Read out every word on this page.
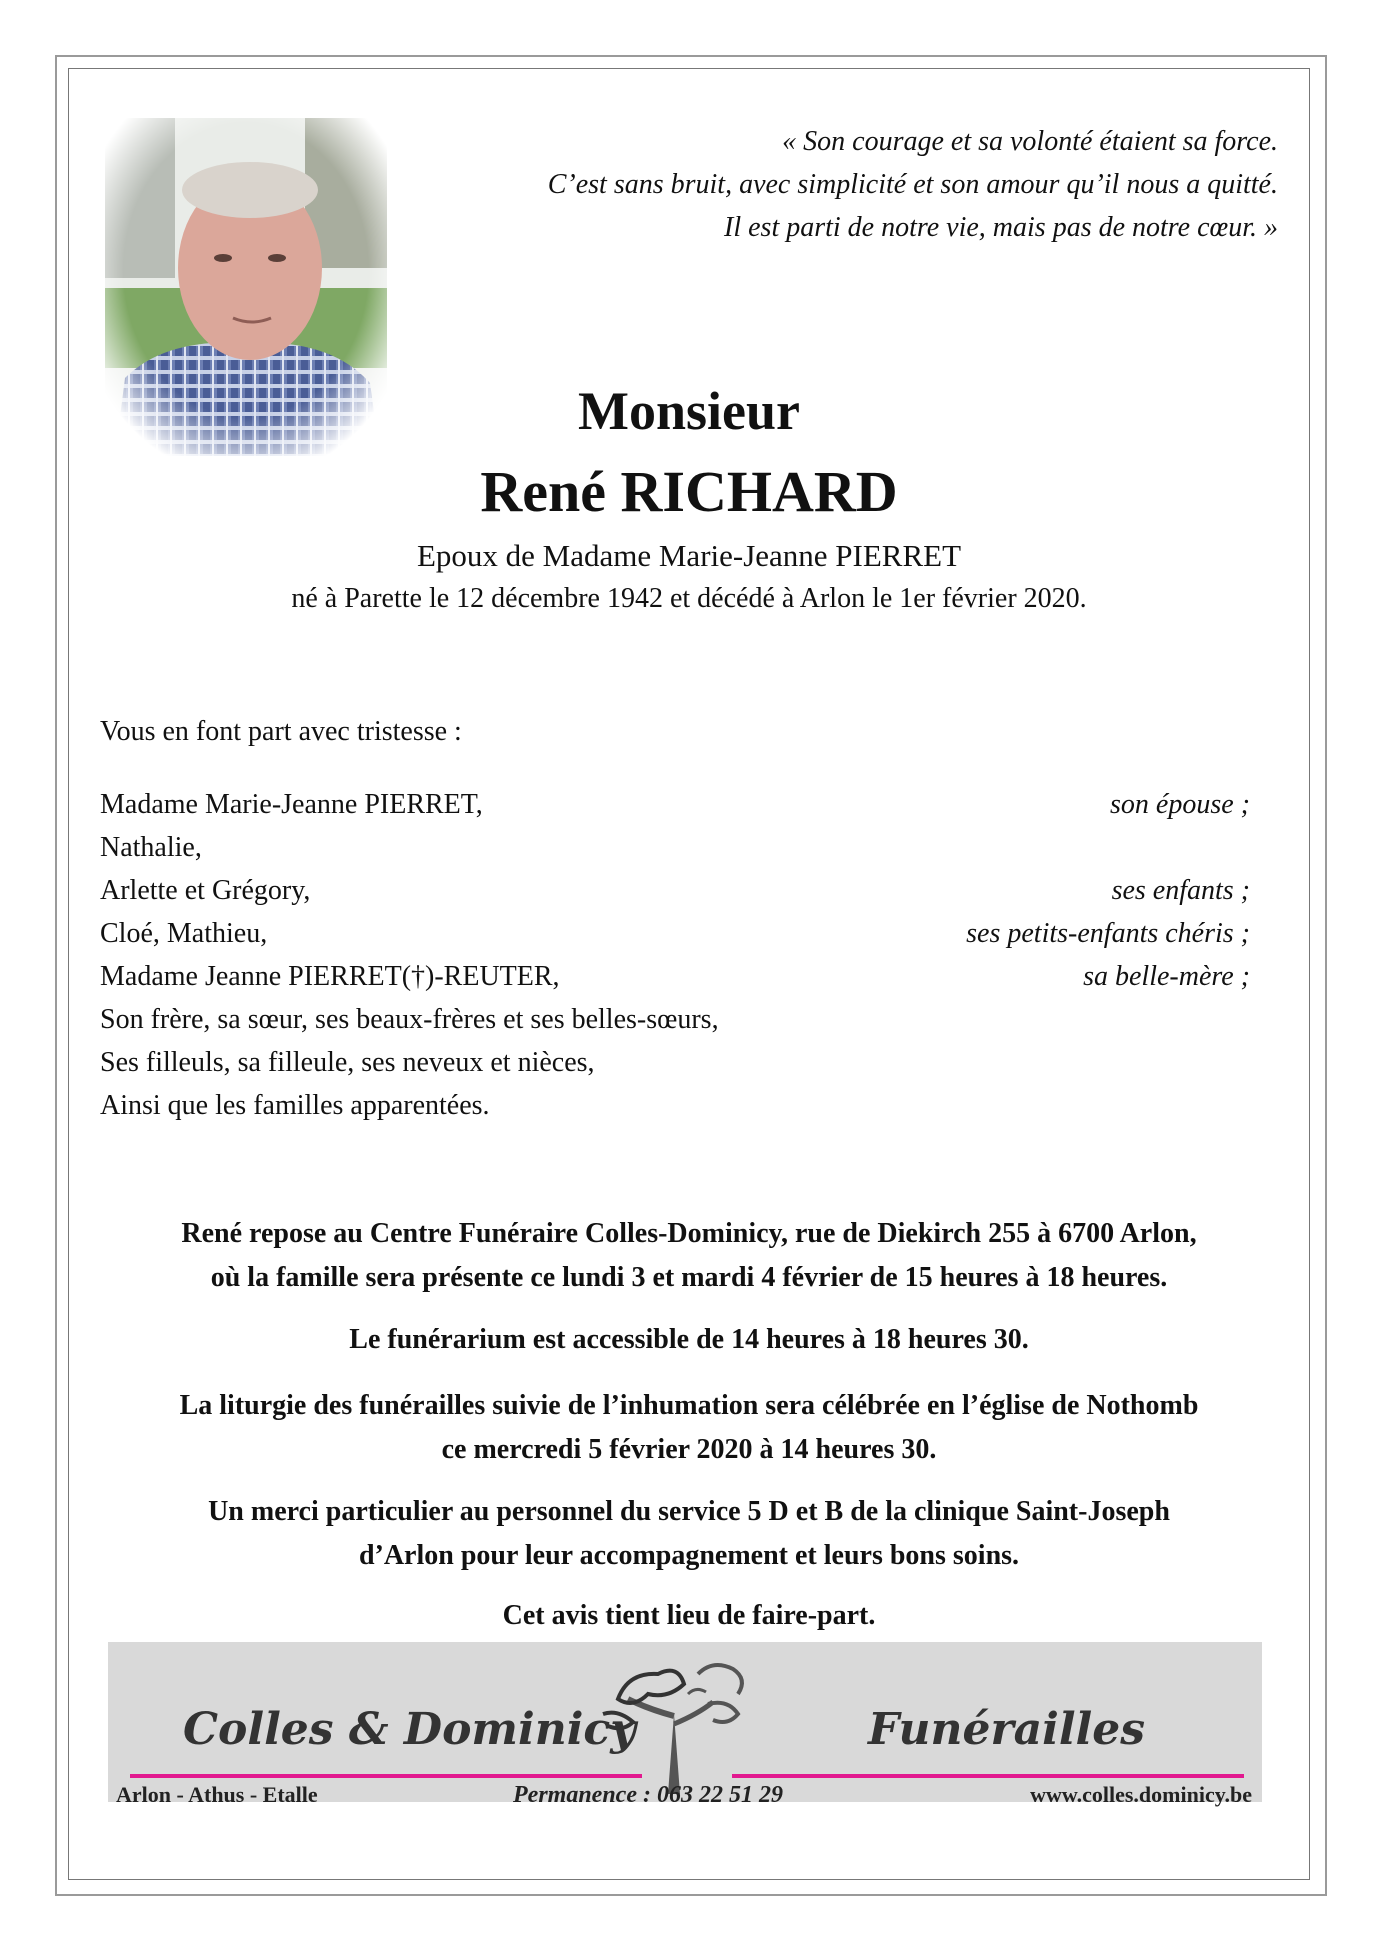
« Son courage et sa volonté étaient sa force.
C’est sans bruit, avec simplicité et son amour qu’il nous a quitté.
Il est parti de notre vie, mais pas de notre cœur. »
Monsieur
René RICHARD
Epoux de Madame Marie-Jeanne PIERRET
né à Parette le 12 décembre 1942 et décédé à Arlon le 1er février 2020.
Vous en font part avec tristesse :
Madame Marie-Jeanne PIERRET,	son épouse ;
Nathalie,
Arlette et Grégory,	ses enfants ;
Cloé, Mathieu,	ses petits-enfants chéris ;
Madame Jeanne PIERRET(†)-REUTER,	sa belle-mère ;
Son frère, sa sœur, ses beaux-frères et ses belles-sœurs,
Ses filleuls, sa filleule, ses neveux et nièces,
Ainsi que les familles apparentées.
René repose au Centre Funéraire Colles-Dominicy, rue de Diekirch 255 à 6700 Arlon,
où la famille sera présente ce lundi 3 et mardi 4 février de 15 heures à 18 heures.
Le funérarium est accessible de 14 heures à 18 heures 30.
La liturgie des funérailles suivie de l’inhumation sera célébrée en l’église de Nothomb
ce mercredi 5 février 2020 à 14 heures 30.
Un merci particulier au personnel du service 5 D et B de la clinique Saint-Joseph
d’Arlon pour leur accompagnement et leurs bons soins.
Cet avis tient lieu de faire-part.
Colles & Dominicy	Funérailles
Arlon - Athus - Etalle	Permanence : 063 22 51 29	www.colles.dominicy.be
